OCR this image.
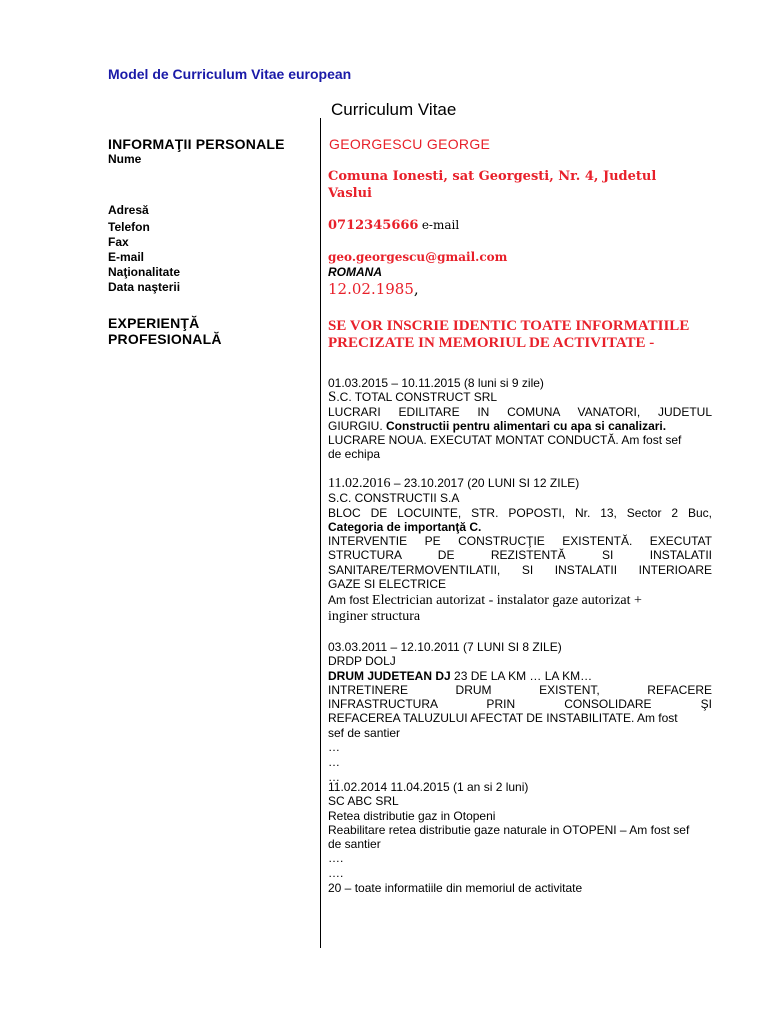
Model de Curriculum Vitae european
Curriculum Vitae
INFORMAŢII PERSONALE
Nume
Adresă
Telefon
Fax
E-mail
Naţionalitate
Data naşterii
GEORGESCU GEORGE
Comuna Ionesti, sat Georgesti, Nr. 4, Judetul
Vaslui
0712345666 e-mail
geo.georgescu@gmail.com
ROMANA
12.02.1985,
EXPERIENŢĂ
PROFESIONALĂ
SE VOR INSCRIE IDENTIC TOATE INFORMATIILE
PRECIZATE IN MEMORIUL DE ACTIVITATE -
01.03.2015 – 10.11.2015 (8 luni si 9 zile)
S.C. TOTAL CONSTRUCT SRL
LUCRARI EDILITARE IN COMUNA VANATORI, JUDETUL
GIURGIU. Constructii pentru alimentari cu apa si canalizari.
LUCRARE NOUA. EXECUTAT MONTAT CONDUCTĂ. Am fost sef
de echipa
11.02.2016 – 23.10.2017 (20 LUNI SI 12 ZILE)
S.C. CONSTRUCTII S.A
BLOC DE LOCUINTE, STR. POPOSTI, Nr. 13, Sector 2 Buc,
Categoria de importanţă C.
INTERVENTIE PE CONSTRUCŢIE EXISTENTĂ. EXECUTAT
STRUCTURA DE REZISTENTĂ SI INSTALATII
SANITARE/TERMOVENTILATII, SI INSTALATII INTERIOARE
GAZE SI ELECTRICE
Am fost Electrician autorizat - instalator gaze autorizat +
inginer structura
03.03.2011 – 12.10.2011 (7 LUNI SI 8 ZILE)
DRDP DOLJ
DRUM JUDETEAN DJ 23 DE LA KM … LA KM…
INTRETINERE DRUM EXISTENT, REFACERE
INFRASTRUCTURA PRIN CONSOLIDARE ŞI
REFACEREA TALUZULUI AFECTAT DE INSTABILITATE. Am fost
sef de santier
…
…
…
11.02.2014 11.04.2015 (1 an si 2 luni)
SC ABC SRL
Retea distributie gaz in Otopeni
Reabilitare retea distributie gaze naturale in OTOPENI – Am fost sef
de santier
….
….
20 – toate informatiile din memoriul de activitate
